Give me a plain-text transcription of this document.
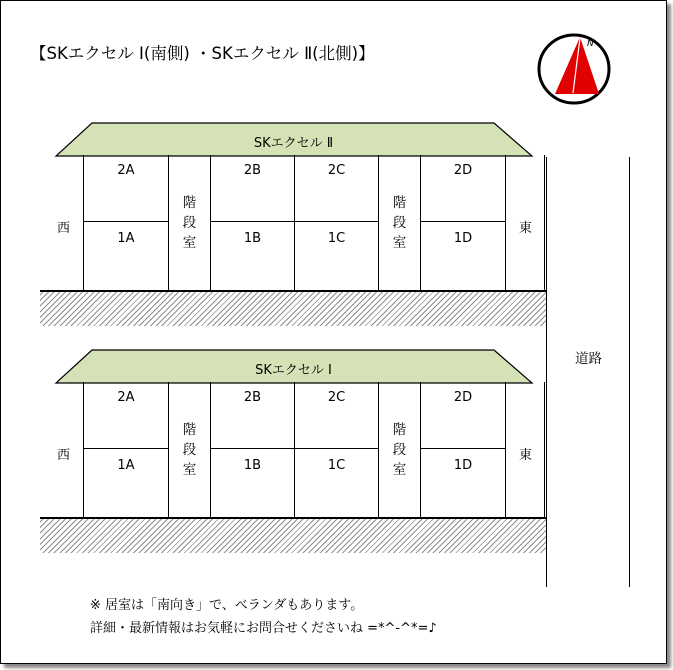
【SKエクセル Ⅰ(南側) ・SKエクセル Ⅱ(北側)】	N
SKエクセル Ⅱ
西	東
2A
1A
階
段
室
2B
1B
2C
1C
階
段
室
2D
1D
SKエクセル Ⅰ
西	東
2A
1A
階
段
室
2B
1B
2C
1C
階
段
室
2D
1D
道路
※ 居室は「南向き」で、ベランダもあります。
詳細・最新情報はお気軽にお問合せくださいね =*^-^*=♪
